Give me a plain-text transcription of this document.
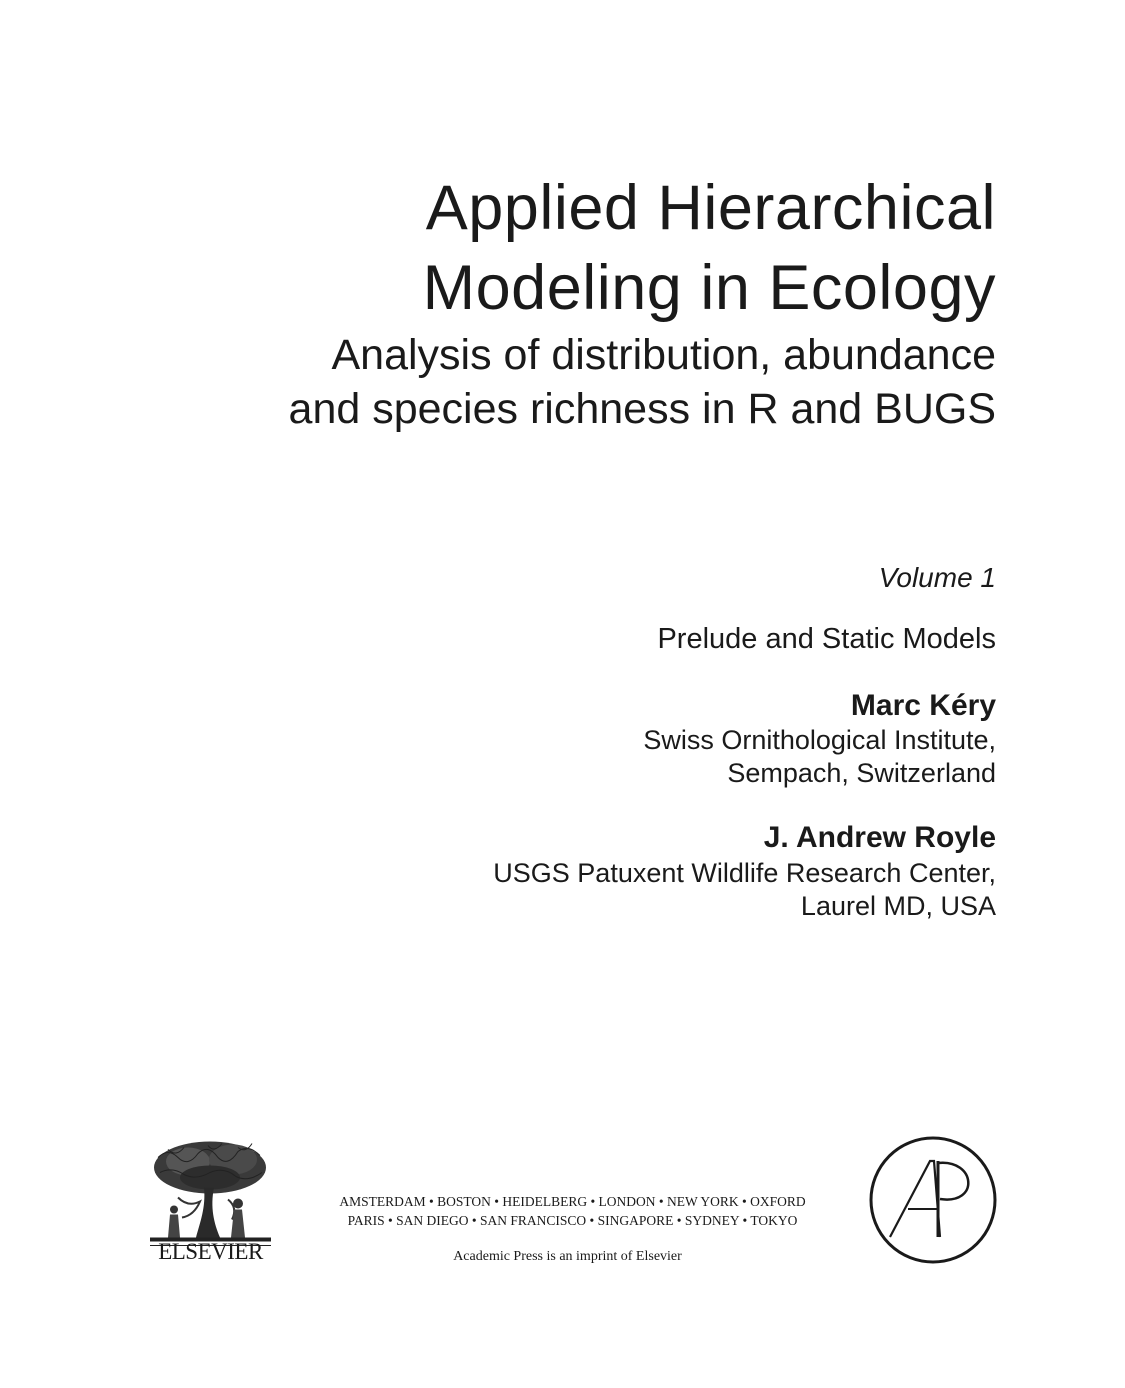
Applied Hierarchical
Modeling in Ecology
Analysis of distribution, abundance
and species richness in R and BUGS
Volume 1
Prelude and Static Models
Marc Kéry
Swiss Ornithological Institute,
Sempach, Switzerland
J. Andrew Royle
USGS Patuxent Wildlife Research Center,
Laurel MD, USA
ELSEVIER
AMSTERDAM • BOSTON • HEIDELBERG • LONDON • NEW YORK • OXFORD
PARIS • SAN DIEGO • SAN FRANCISCO • SINGAPORE • SYDNEY • TOKYO
Academic Press is an imprint of Elsevier
